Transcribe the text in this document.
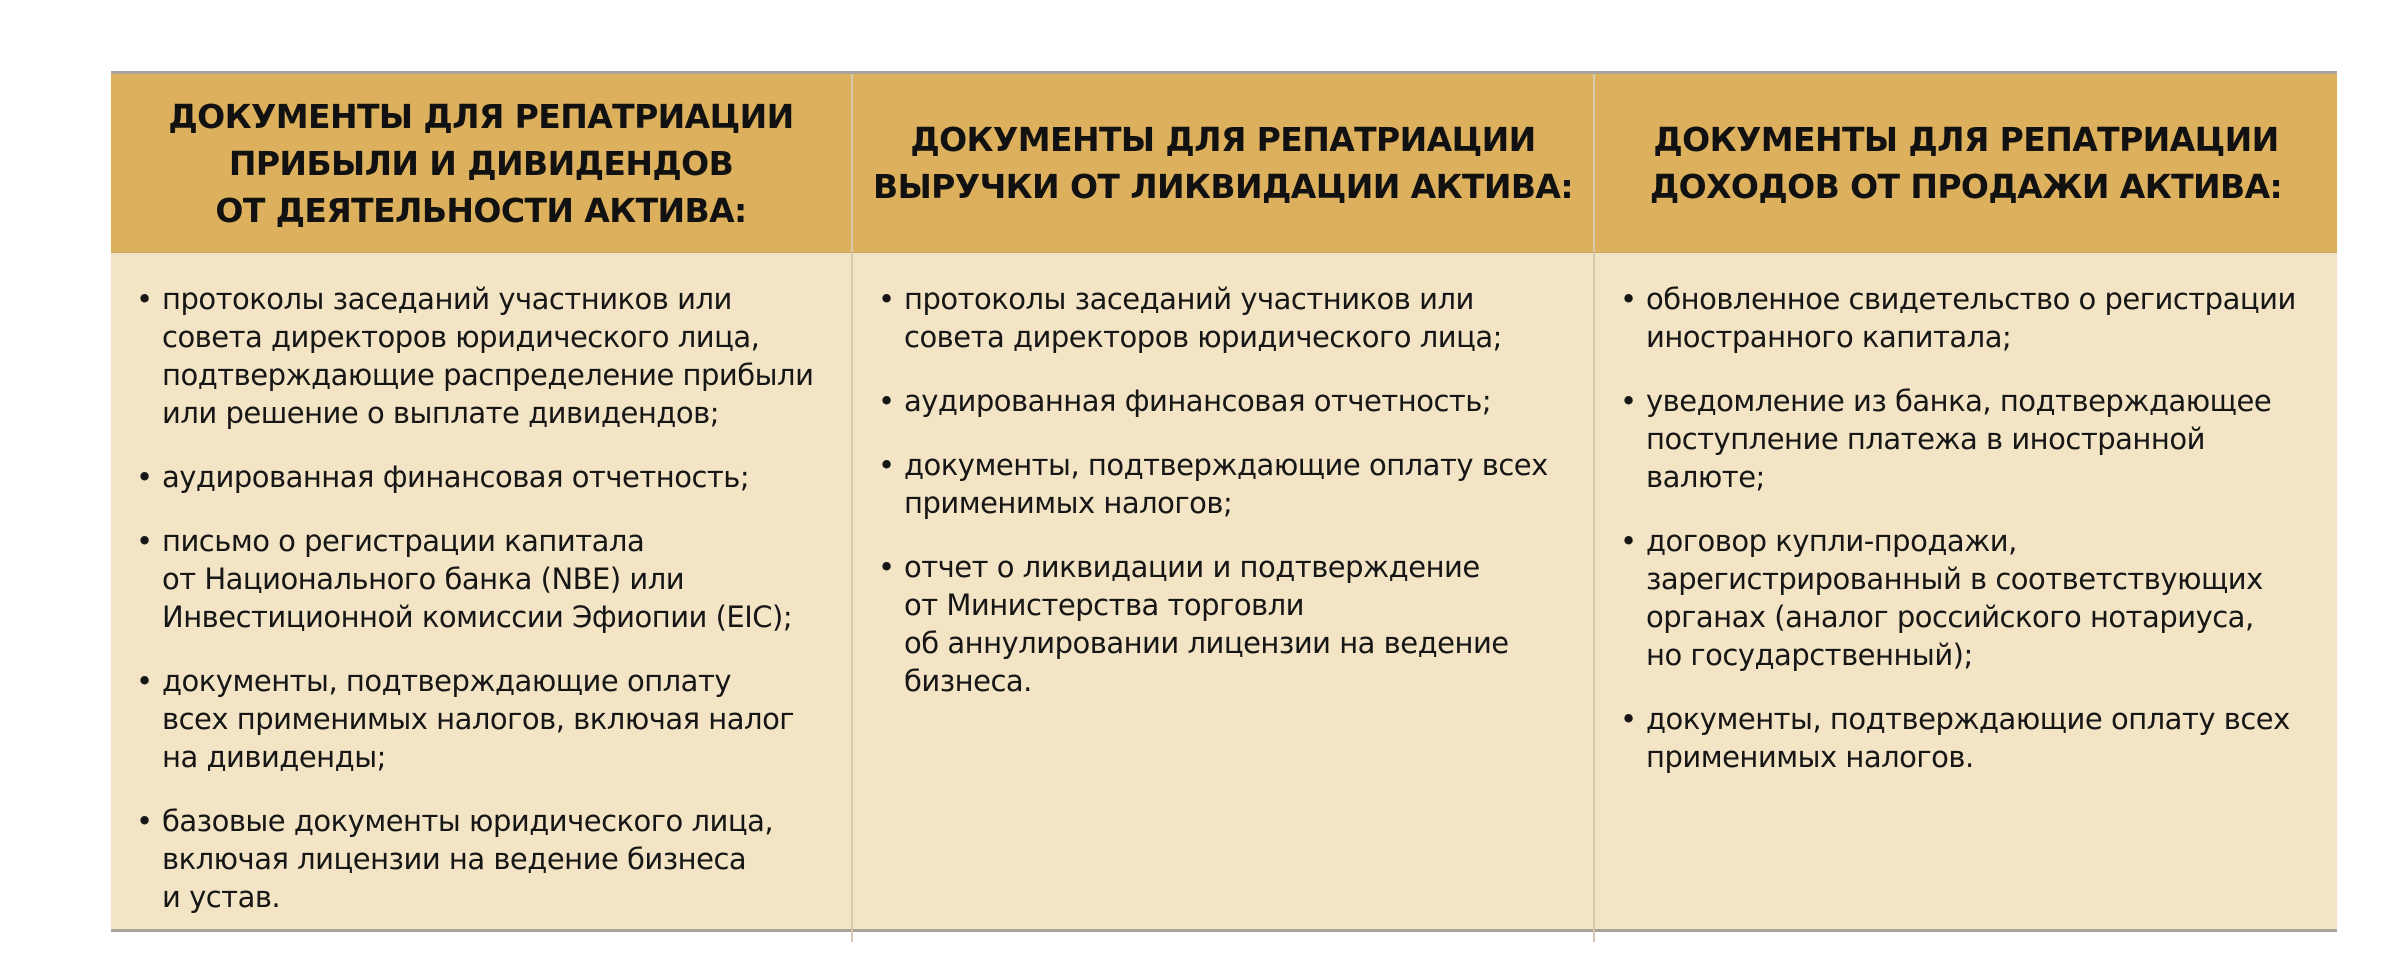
ДОКУМЕНТЫ ДЛЯ РЕПАТРИАЦИИ
ПРИБЫЛИ И ДИВИДЕНДОВ
ОТ ДЕЯТЕЛЬНОСТИ АКТИВА:
ДОКУМЕНТЫ ДЛЯ РЕПАТРИАЦИИ
ВЫРУЧКИ ОТ ЛИКВИДАЦИИ АКТИВА:
ДОКУМЕНТЫ ДЛЯ РЕПАТРИАЦИИ
ДОХОДОВ ОТ ПРОДАЖИ АКТИВА:
• протоколы заседаний участников или
совета директоров юридического лица,
подтверждающие распределение прибыли
или решение о выплате дивидендов;
• аудированная финансовая отчетность;
• письмо о регистрации капитала
от Национального банка (NBE) или
Инвестиционной комиссии Эфиопии (EIC);
• документы, подтверждающие оплату
всех применимых налогов, включая налог
на дивиденды;
• базовые документы юридического лица,
включая лицензии на ведение бизнеса
и устав.
• протоколы заседаний участников или
совета директоров юридического лица;
• аудированная финансовая отчетность;
• документы, подтверждающие оплату всех
применимых налогов;
• отчет о ликвидации и подтверждение
от Министерства торговли
об аннулировании лицензии на ведение
бизнеса.
• обновленное свидетельство о регистрации
иностранного капитала;
• уведомление из банка, подтверждающее
поступление платежа в иностранной
валюте;
• договор купли-продажи,
зарегистрированный в соответствующих
органах (аналог российского нотариуса,
но государственный);
• документы, подтверждающие оплату всех
применимых налогов.
